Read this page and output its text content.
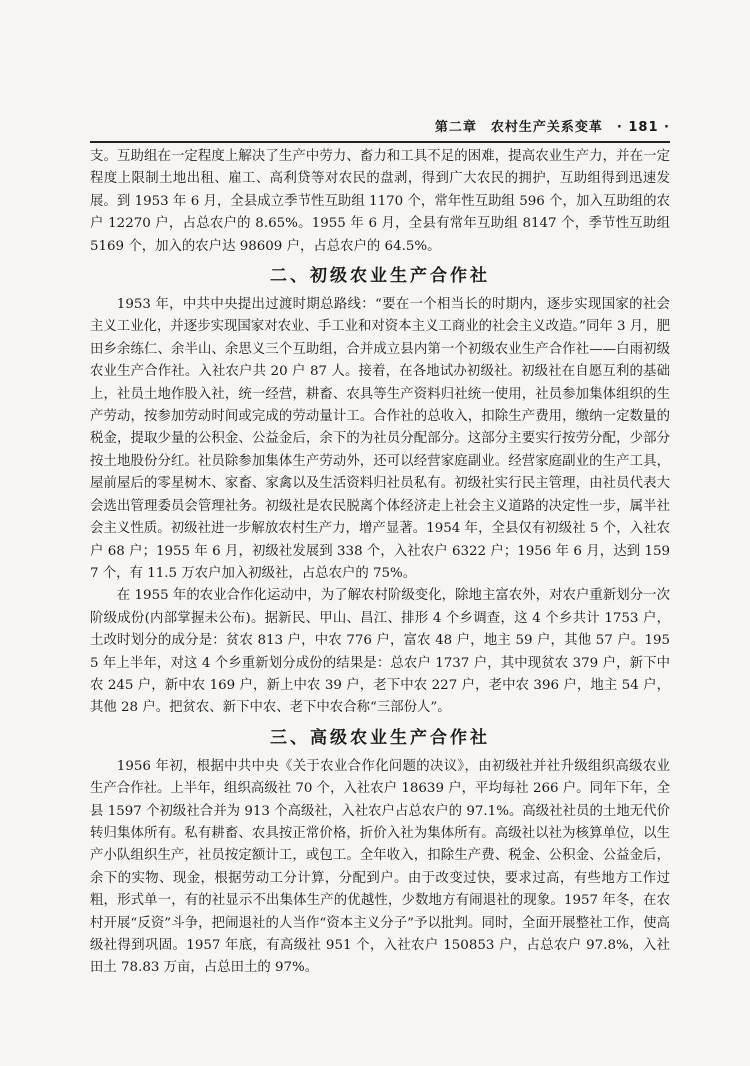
第二章 农村生产关系变革 · 181 ·

支。互助组在一定程度上解决了生产中劳力、畜力和工具不足的困难，提高农业生产力，并在一定程度上限制土地出租、雇工、高利贷等对农民的盘剥，得到广大农民的拥护，互助组得到迅速发展。到 1953 年 6 月，全县成立季节性互助组 1170 个，常年性互助组 596 个，加入互助组的农户 12270 户，占总农户的 8.65%。1955 年 6 月，全县有常年互助组 8147 个，季节性互助组 5169 个，加入的农户达 98609 户，占总农户的 64.5%。

二、初级农业生产合作社

1953 年，中共中央提出过渡时期总路线：“要在一个相当长的时期内，逐步实现国家的社会主义工业化，并逐步实现国家对农业、手工业和对资本主义工商业的社会主义改造。”同年 3 月，肥田乡余练仁、余半山、余思义三个互助组，合并成立县内第一个初级农业生产合作社——白雨初级农业生产合作社。入社农户共 20 户 87 人。接着，在各地试办初级社。初级社在自愿互利的基础上，社员土地作股入社，统一经营，耕畜、农具等生产资料归社统一使用，社员参加集体组织的生产劳动，按参加劳动时间或完成的劳动量计工。合作社的总收入，扣除生产费用，缴纳一定数量的税金，提取少量的公积金、公益金后，余下的为社员分配部分。这部分主要实行按劳分配，少部分按土地股份分红。社员除参加集体生产劳动外，还可以经营家庭副业。经营家庭副业的生产工具，屋前屋后的零星树木、家畜、家禽以及生活资料归社员私有。初级社实行民主管理，由社员代表大会选出管理委员会管理社务。初级社是农民脱离个体经济走上社会主义道路的决定性一步，属半社会主义性质。初级社进一步解放农村生产力，增产显著。1954 年，全县仅有初级社 5 个，入社农户 68 户；1955 年 6 月，初级社发展到 338 个，入社农户 6322 户；1956 年 6 月，达到 1597 个，有 11.5 万农户加入初级社，占总农户的 75%。

在 1955 年的农业合作化运动中，为了解农村阶级变化，除地主富农外，对农户重新划分一次阶级成份(内部掌握未公布)。据新民、甲山、昌江、排形 4 个乡调查，这 4 个乡共计 1753 户，土改时划分的成分是：贫农 813 户，中农 776 户，富农 48 户，地主 59 户，其他 57 户。1955 年上半年，对这 4 个乡重新划分成份的结果是：总农户 1737 户，其中现贫农 379 户，新下中农 245 户，新中农 169 户，新上中农 39 户，老下中农 227 户，老中农 396 户，地主 54 户，其他 28 户。把贫农、新下中农、老下中农合称“三部份人”。

三、高级农业生产合作社

1956 年初，根据中共中央《关于农业合作化问题的决议》，由初级社并社升级组织高级农业生产合作社。上半年，组织高级社 70 个，入社农户 18639 户，平均每社 266 户。同年下年，全县 1597 个初级社合并为 913 个高级社，入社农户占总农户的 97.1%。高级社社员的土地无代价转归集体所有。私有耕畜、农具按正常价格，折价入社为集体所有。高级社以社为核算单位，以生产小队组织生产，社员按定额计工，或包工。全年收入，扣除生产费、税金、公积金、公益金后，余下的实物、现金，根据劳动工分计算，分配到户。由于改变过快，要求过高，有些地方工作过粗，形式单一，有的社显示不出集体生产的优越性，少数地方有闹退社的现象。1957 年冬，在农村开展“反资”斗争，把闹退社的人当作“资本主义分子”予以批判。同时，全面开展整社工作，使高级社得到巩固。1957 年底，有高级社 951 个，入社农户 150853 户，占总农户 97.8%，入社田土 78.83 万亩，占总田土的 97%。
